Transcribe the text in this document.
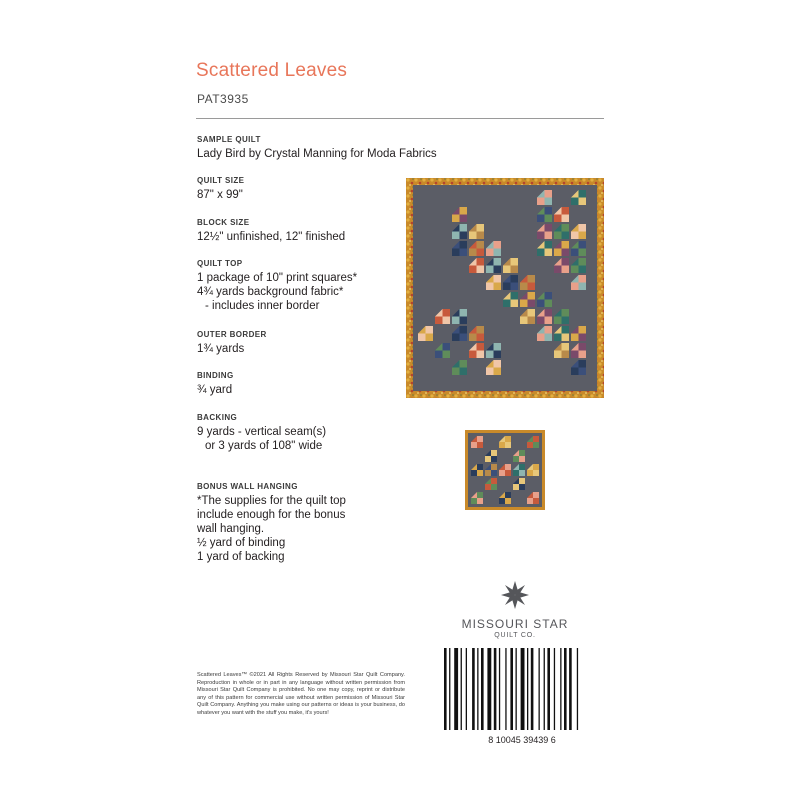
Scattered Leaves
PAT3935
SAMPLE QUILT
Lady Bird by Crystal Manning for Moda Fabrics
QUILT SIZE
87" x 99"
BLOCK SIZE
12½" unfinished, 12" finished
QUILT TOP
1 package of 10" print squares*
4¾ yards background fabric*
- includes inner border
OUTER BORDER
1¾ yards
BINDING
¾ yard
BACKING
9 yards - vertical seam(s)
or 3 yards of 108" wide
BONUS WALL HANGING
*The supplies for the quilt top
include enough for the bonus
wall hanging.
½ yard of binding
1 yard of backing
MISSOURI STAR
QUILT CO.
Scattered Leaves™ ©2021 All Rights Reserved by Missouri Star Quilt Company. Reproduction in whole or in part in any language without written permission from Missouri Star Quilt Company is prohibited. No one may copy, reprint or distribute any of this pattern for commercial use without written permission of Missouri Star Quilt Company. Anything you make using our patterns or ideas is your business, do whatever you want with the stuff you make, it's yours!
8 10045 39439 6
